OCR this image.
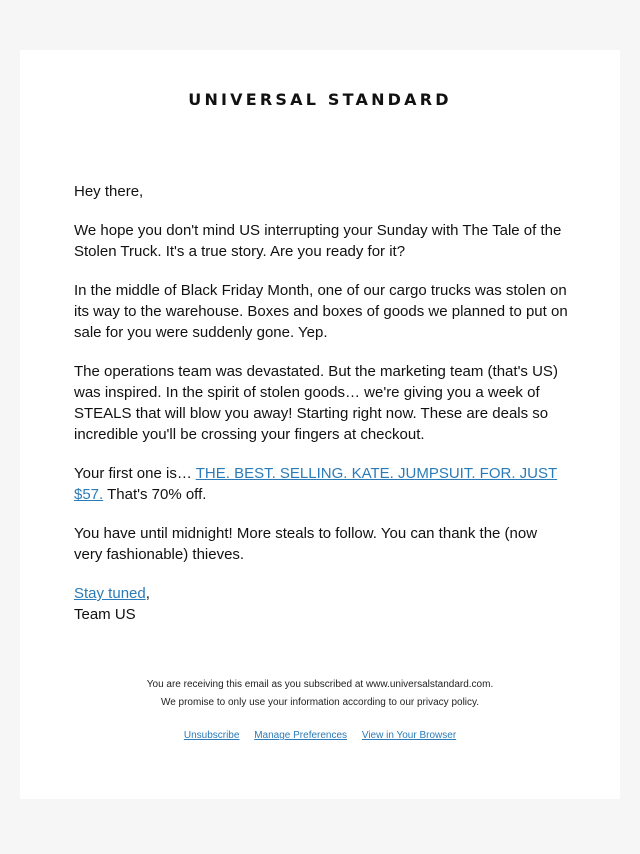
UNIVERSAL STANDARD

Hey there,

We hope you don't mind US interrupting your Sunday with The Tale of the Stolen Truck. It's a true story. Are you ready for it?

In the middle of Black Friday Month, one of our cargo trucks was stolen on its way to the warehouse. Boxes and boxes of goods we planned to put on sale for you were suddenly gone. Yep.

The operations team was devastated. But the marketing team (that's US) was inspired. In the spirit of stolen goods… we're giving you a week of STEALS that will blow you away! Starting right now. These are deals so incredible you'll be crossing your fingers at checkout.

Your first one is… THE. BEST. SELLING. KATE. JUMPSUIT. FOR. JUST $57. That's 70% off.

You have until midnight! More steals to follow. You can thank the (now very fashionable) thieves.

Stay tuned,
Team US

You are receiving this email as you subscribed at www.universalstandard.com.
We promise to only use your information according to our privacy policy.
Unsubscribe Manage Preferences View in Your Browser
